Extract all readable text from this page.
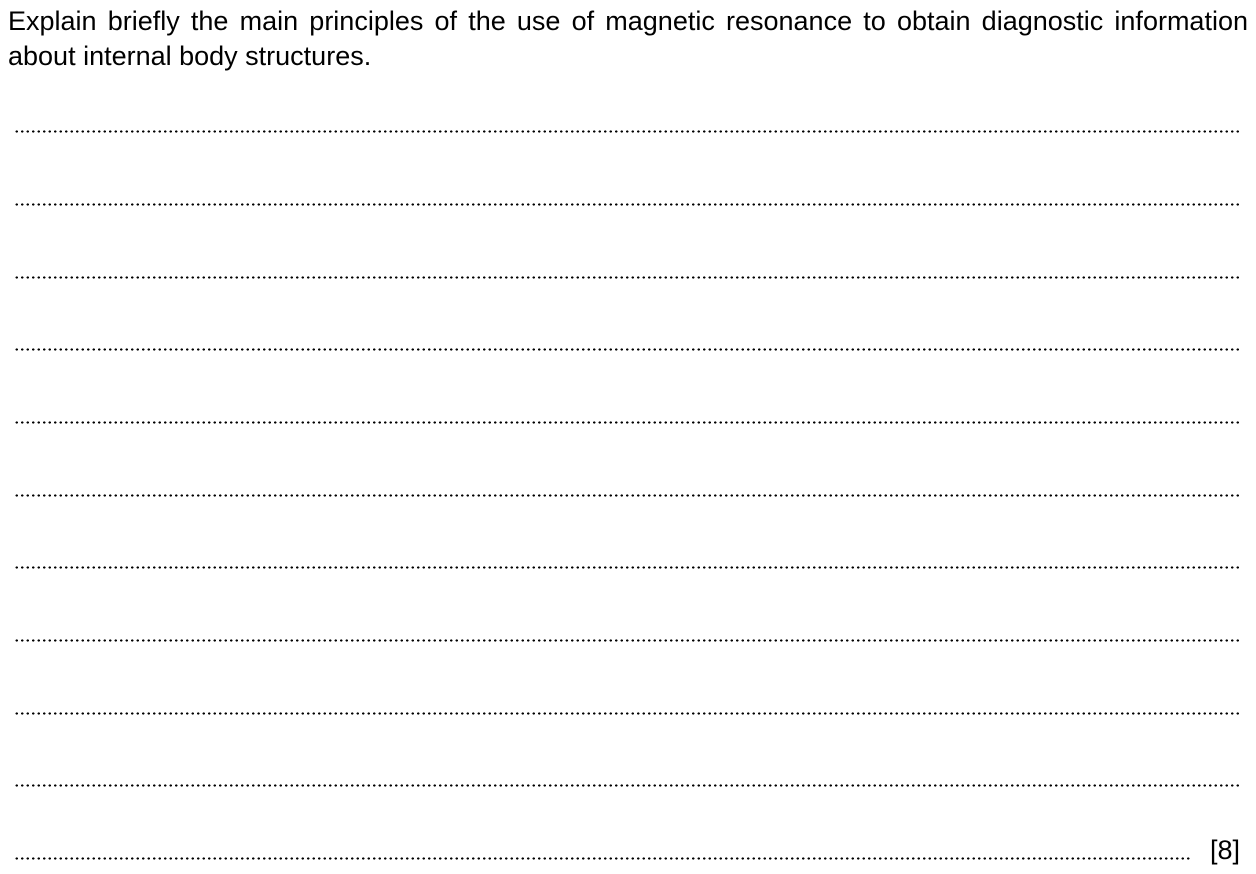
Explain briefly the main principles of the use of magnetic resonance to obtain diagnostic information about internal body structures.

[8]
